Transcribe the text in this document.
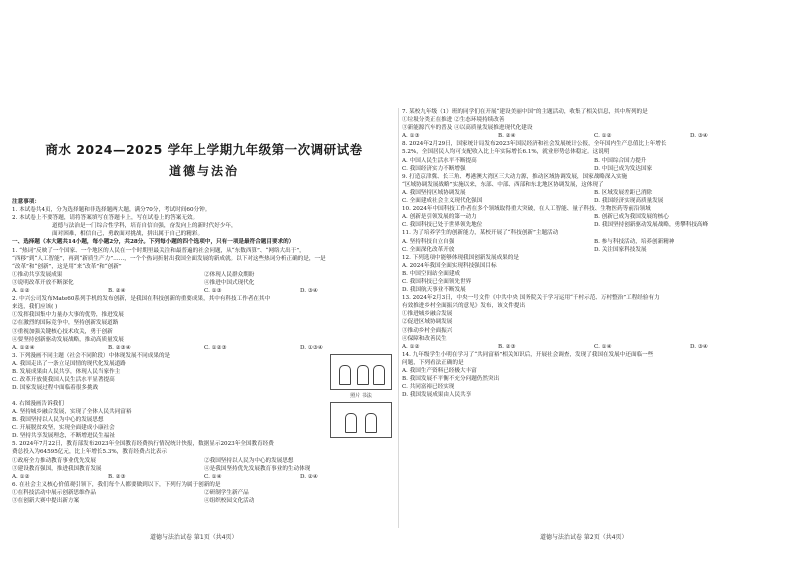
商水 2024—2025 学年上学期九年级第一次调研试卷
道德与法治
注意事项：
1. 本试卷共4页，分为选择题和非选择题两大题，满分70分，考试时间60分钟。
2. 本试卷上不要答题，请将答案填写在答题卡上，写在试卷上的答案无效。
道德与法治是一门综合性学科，培育自信自强，奋发向上的新时代好少年，
面对困难，相信自己，勇敢面对挑战，拼出属于自己的精彩。
一、选择题（本大题共14小题，每小题2分，共28分。下列每小题的四个选项中，只有一项是最符合题目要求的）
1. “热词”反映了一个国家、一个地区的人民在一个时期里最关注和最普遍的社会问题，从“东数西算”、“网络大出于”，
“西移”到“人工智能”，再到“新质生产力”……，一个个热词折射出我国全面发展的新成就。以下对这些热词分析正确的是，一是
“改革”和“创新”，这是用“来“改革”和“创新”
①推动共享发展成果	②体现人民群众期盼
③说明改革开放不断深化	④推进中国式现代化
A. ①②	B. ②④	C. ①③	D. ③④
2. 中兴公司发布Mate60系列手机的发布创新，是我国在科技创新的重要成果，其中有科技工作者在其中
来选，我们应该( )
①发挥我国集中力量办大事的优势，推进发展
②在激烈的国际竞争中，坚持创新发展道路
③重视加强关键核心技术攻关，勇于创新
④要坚持创新驱动发展战略，推动高质量发展
A. ①②④	B. ②③④	C. ①②③	D. ①③④
3. 下列漫画不同主题（社会不同阶段）中体现发展不同成果的是
A. 我国走出了一条立足国情的现代化发展道路
B. 发展成果由人民共享，体现人民当家作主
C. 改革开放使我国人民生活水平显著提高
D. 国家发展过程中面临着很多挑战
照片 书法
4. 右图漫画告诉我们
A. 坚持城乡融合发展，实现了全体人民共同富裕
B. 我国坚持以人民为中心的发展思想
C. 开展脱贫攻坚，实现全面建成小康社会
D. 坚持共享发展理念，不断增进民生福祉
5. 2024年7月22日，教育部发布2023年全国教育经费执行情况统计快报，数据显示2023年全国教育经费
费总投入为64595亿元，比上年增长5.3%，教育经费占比表示
①政府全力推动教育事业优先发展	②我国坚持以人民为中心的发展思想
③建设教育强国，推进我国教育发展	④是我国坚持优先发展教育事业的生动体现
A. ①②	B. ②③	C. ①④	D. ②④
6. 在社会主义核心价值观引领下，我们每个人都要做到以下，下列行为属于创新的是
①在科技活动中展示创新思维作品	②研制学生新产品
③在创新大赛中提出新方案	④组织校园文化活动
7. 某校九年级（1）班的同学们在开展“建设美丽中国”的主题活动，收集了相关信息，其中所列的是
①垃圾分类正在推进 ②生态环境持续改善
③新能源汽车的普及 ④以高质量发展推进现代化建设
A. ①③	B. ②④	C. ①②	D. ③④
8. 2024年2月29日，国家统计局发布2023年国民经济和社会发展统计公报，全年国内生产总值比上年增长
5.2%，全国居民人均可支配收入比上年实际增长6.1%，就业形势总体稳定。这说明
A. 中国人民生活水平不断提高	B. 中国综合国力提升
C. 我国经济实力不断增强	D. 中国已成为发达国家
9. 打造京津冀、长三角、粤港澳大湾区三大动力源，推动区域协调发展，国家战略深入实施
“区域协调发展战略”实施以来，东部、中部、西部和东北地区协调发展，这体现了
A. 我国坚持区域协调发展	B. 区域发展差距已消除
C. 全面建成社会主义现代化强国	D. 我国经济实现高质量发展
10. 2024年中国科技工作者在多个领域取得重大突破，在人工智能、量子科技、生物医药等前沿领域
A. 创新是引领发展的第一动力	B. 创新已成为我国发展的核心
C. 我国科技已处于世界领先地位	D. 我国坚持创新驱动发展战略，勇攀科技高峰
11. 为了培养学生的创新能力，某校开展了“科技创新”主题活动
A. 坚持科技自立自强	B. 参与科技活动，培养创新精神
C. 全面深化改革开放	D. 关注国家科技发展
12. 下列选项中能够体现我国创新发展成果的是
A. 2024年我国全面实现科技强国目标
B. 中国空间站全面建成
C. 我国科技已全面领先世界
D. 我国航天事业不断发展
13. 2024年2月3日，中央一号文件《中共中央 国务院关于学习运用“千村示范、万村整治”工程经验有力
有效推进乡村全面振兴的意见》发布，该文件提出
①推进城乡融合发展
②促进区域协调发展
③推动乡村全面振兴
④保障和改善民生
A. ①②	B. ②③	C. ①④	D. ③④
14. 九年级学生小明在学习了“共同富裕”相关知识后，开展社会调查，发现了我国在发展中还面临一些
问题，下列看法正确的是
A. 我国生产资料已经极大丰富
B. 我国发展不平衡不充分问题仍然突出
C. 共同富裕已经实现
D. 我国发展成果由人民共享
道德与法治试卷 第1页（共4页）	道德与法治试卷 第2页（共4页）
